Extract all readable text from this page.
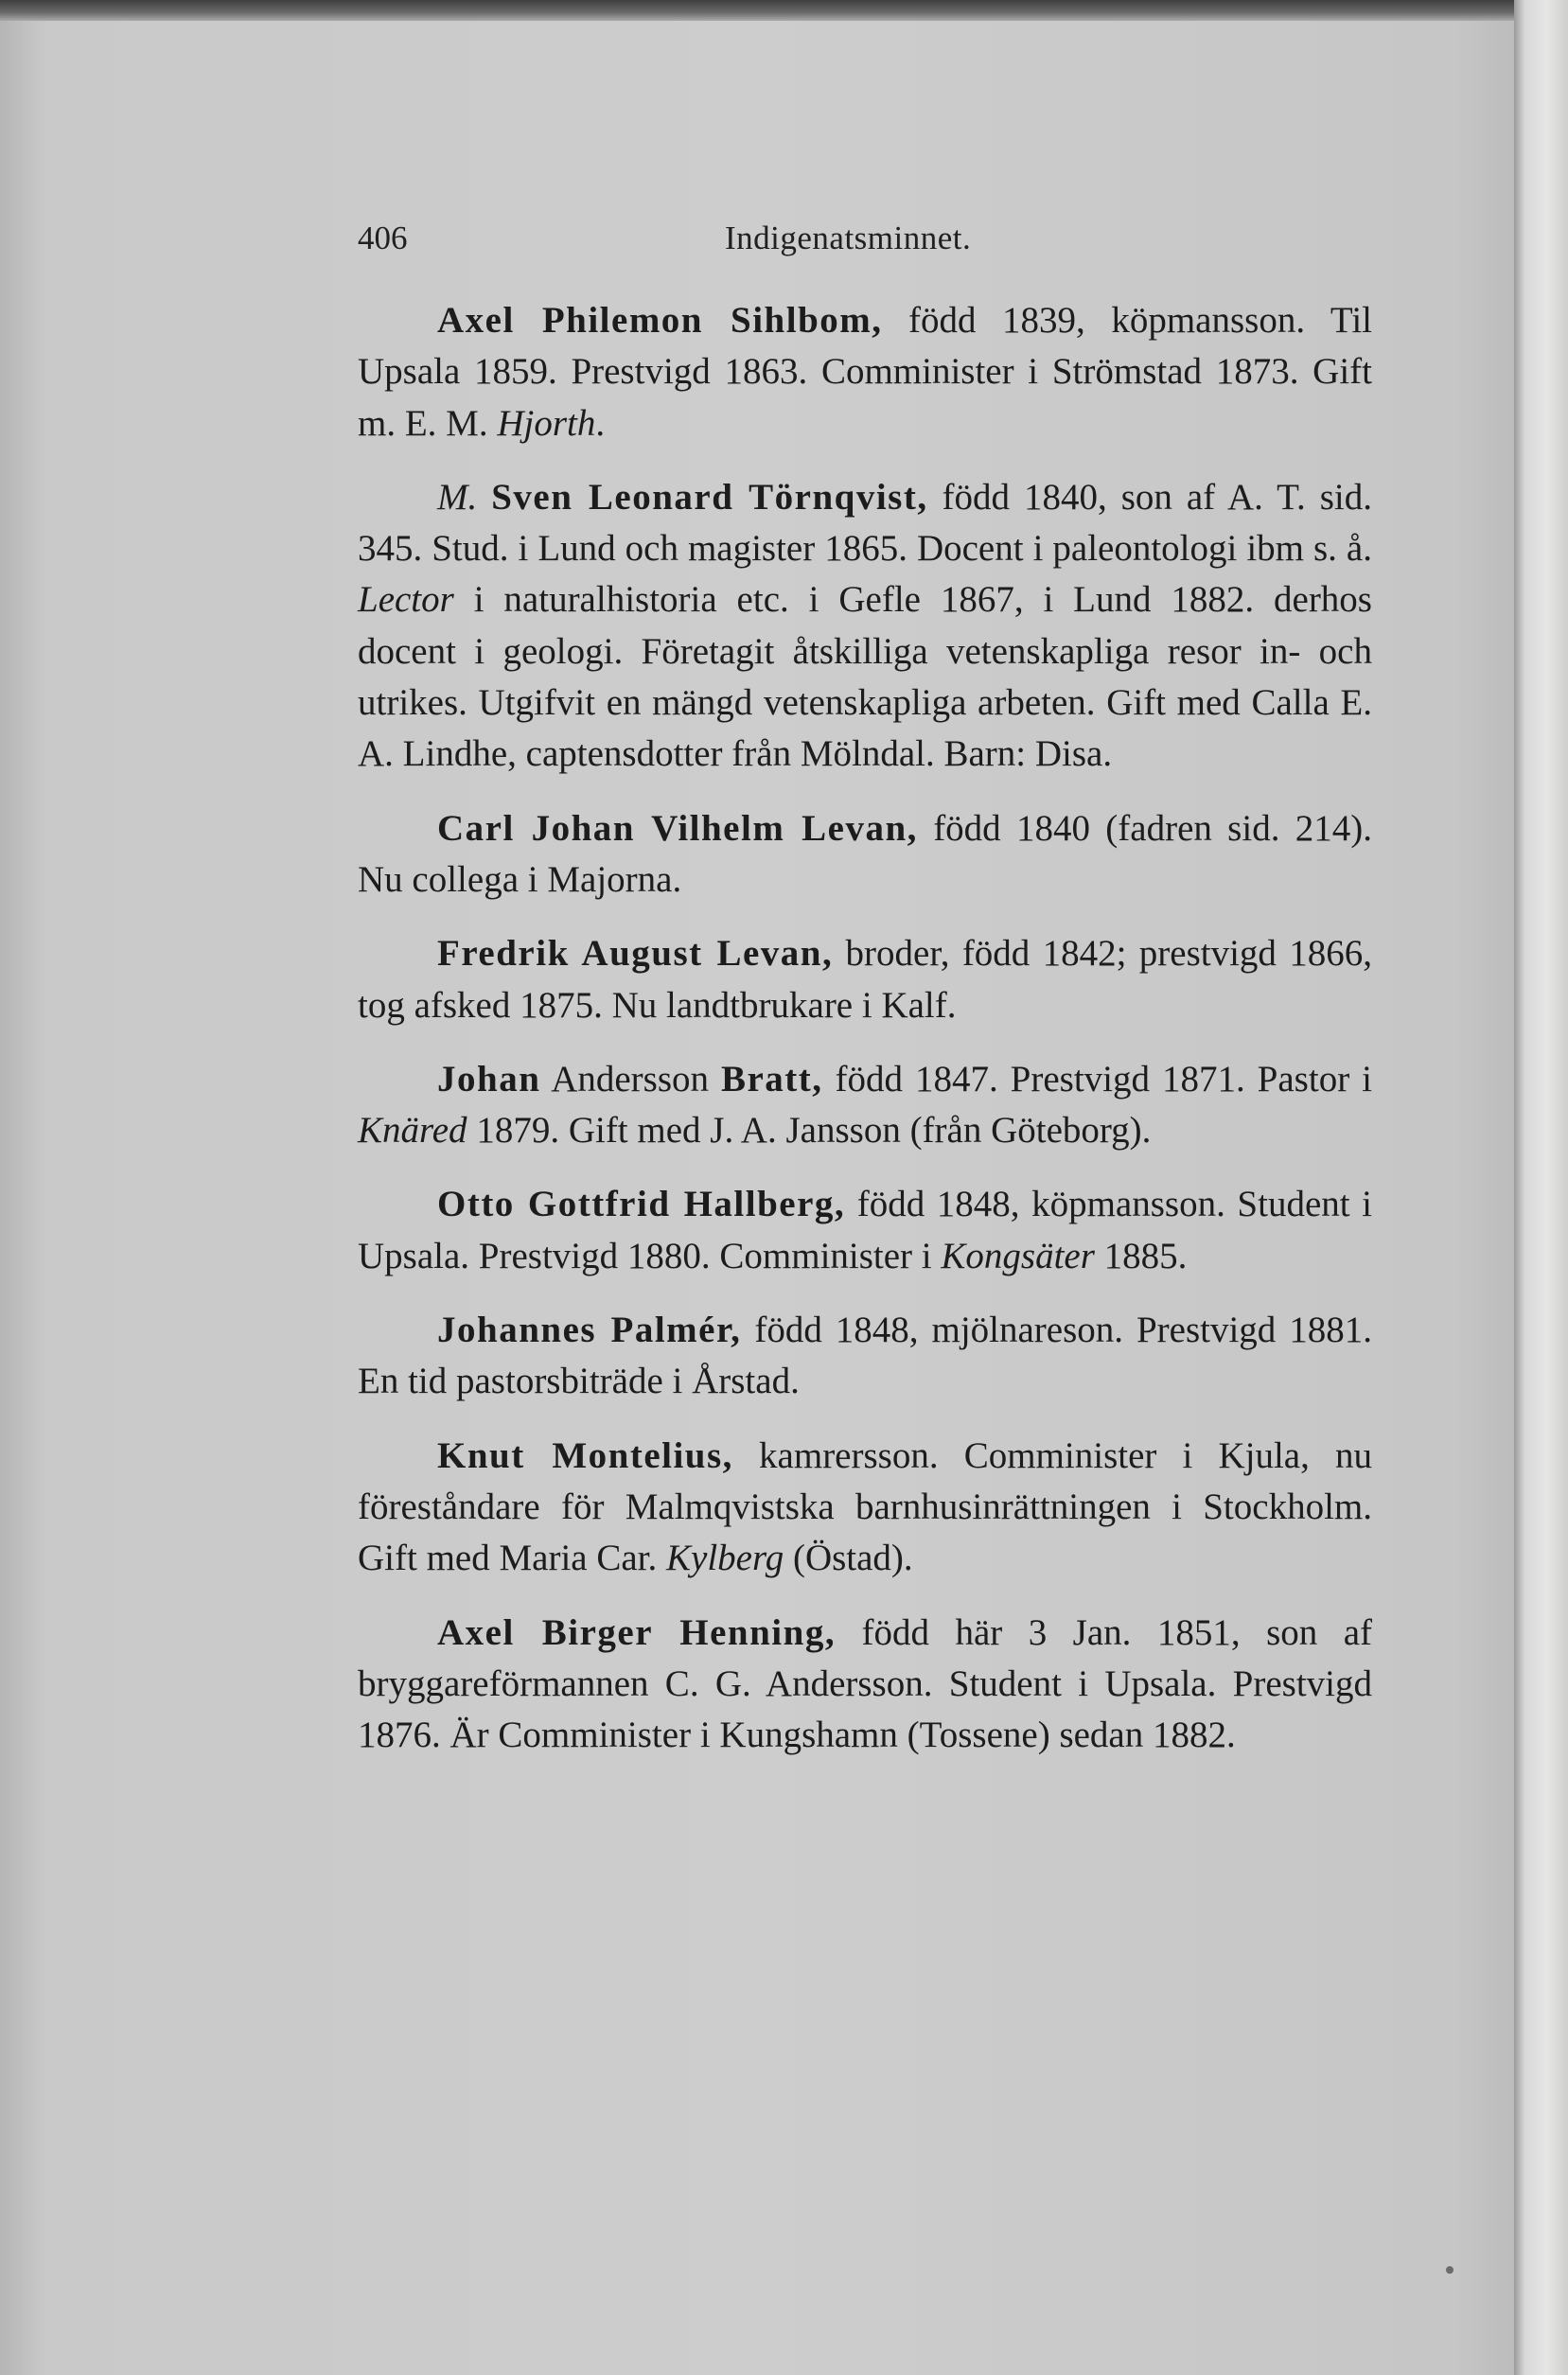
406	Indigenatsminnet.

Axel Philemon Sihlbom, född 1839, köpmansson. Til Upsala 1859. Prestvigd 1863. Comminister i Strömstad 1873. Gift m. E. M. Hjorth.

M. Sven Leonard Törnqvist, född 1840, son af A. T. sid. 345. Stud. i Lund och magister 1865. Docent i paleontologi ibm s. å. Lector i naturalhistoria etc. i Gefle 1867, i Lund 1882. derhos docent i geologi. Företagit åtskilliga vetenskapliga resor in- och utrikes. Utgifvit en mängd vetenskapliga arbeten. Gift med Calla E. A. Lindhe, captensdotter från Mölndal. Barn: Disa.

Carl Johan Vilhelm Levan, född 1840 (fadren sid. 214). Nu collega i Majorna.

Fredrik August Levan, broder, född 1842; prestvigd 1866, tog afsked 1875. Nu landtbrukare i Kalf.

Johan Andersson Bratt, född 1847. Prestvigd 1871. Pastor i Knäred 1879. Gift med J. A. Jansson (från Göteborg).

Otto Gottfrid Hallberg, född 1848, köpmansson. Student i Upsala. Prestvigd 1880. Comminister i Kongsäter 1885.

Johannes Palmér, född 1848, mjölnareson. Prestvigd 1881. En tid pastorsbiträde i Årstad.

Knut Montelius, kamrersson. Comminister i Kjula, nu föreståndare för Malmqvistska barnhusinrättningen i Stockholm. Gift med Maria Car. Kylberg (Östad).

Axel Birger Henning, född här 3 Jan. 1851, son af bryggareförmannen C. G. Andersson. Student i Upsala. Prestvigd 1876. Är Comminister i Kungshamn (Tossene) sedan 1882.
